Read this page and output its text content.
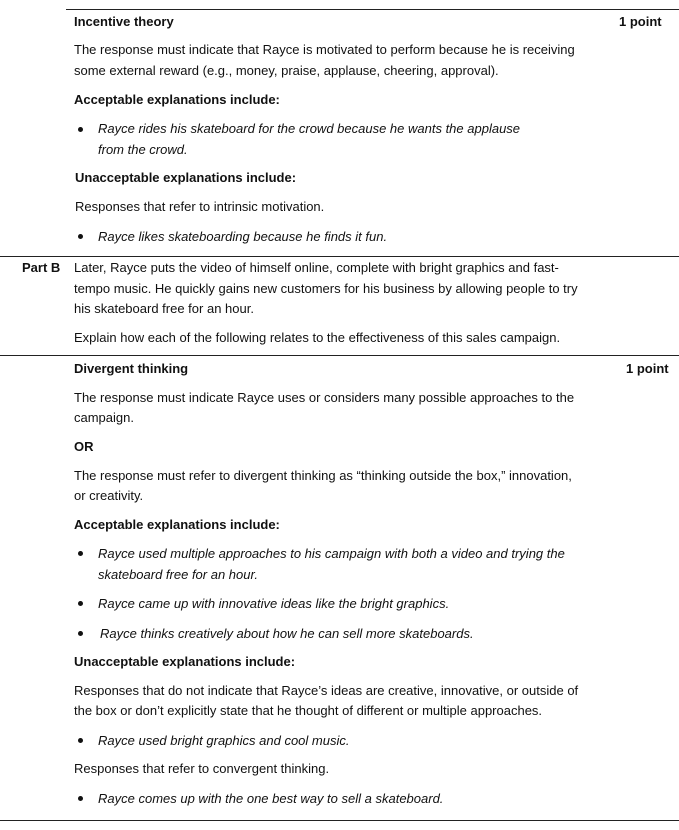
Incentive theory	1 point
The response must indicate that Rayce is motivated to perform because he is receiving
some external reward (e.g., money, praise, applause, cheering, approval).
Acceptable explanations include:
Rayce rides his skateboard for the crowd because he wants the applause
from the crowd.
Unacceptable explanations include:
Responses that refer to intrinsic motivation.
Rayce likes skateboarding because he finds it fun.
Part B Later, Rayce puts the video of himself online, complete with bright graphics and fast-
tempo music. He quickly gains new customers for his business by allowing people to try
his skateboard free for an hour.
Explain how each of the following relates to the effectiveness of this sales campaign.
Divergent thinking	1 point
The response must indicate Rayce uses or considers many possible approaches to the
campaign.
OR
The response must refer to divergent thinking as “thinking outside the box,” innovation,
or creativity.
Acceptable explanations include:
Rayce used multiple approaches to his campaign with both a video and trying the
skateboard free for an hour.
Rayce came up with innovative ideas like the bright graphics.
Rayce thinks creatively about how he can sell more skateboards.
Unacceptable explanations include:
Responses that do not indicate that Rayce’s ideas are creative, innovative, or outside of
the box or don’t explicitly state that he thought of different or multiple approaches.
Rayce used bright graphics and cool music.
Responses that refer to convergent thinking.
Rayce comes up with the one best way to sell a skateboard.
